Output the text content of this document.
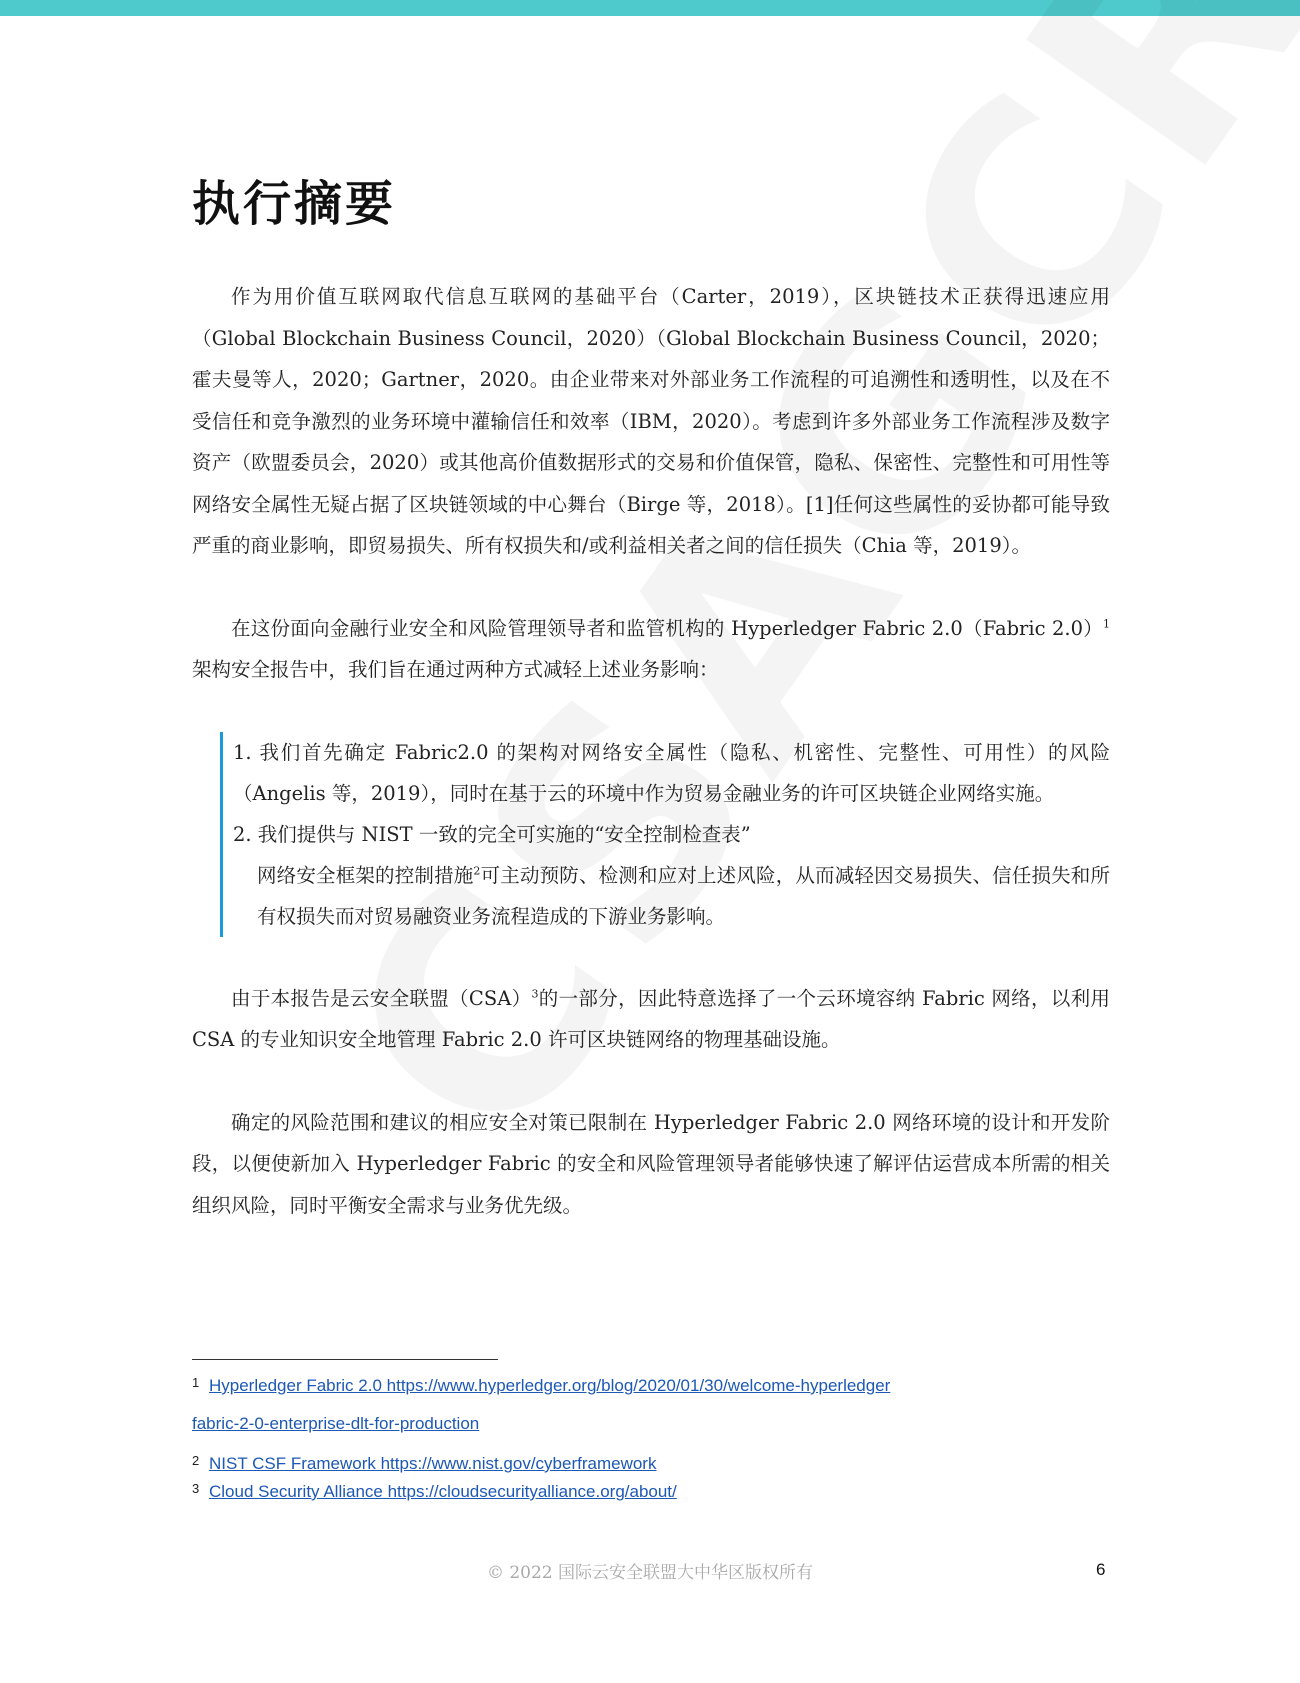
执行摘要

作为用价值互联网取代信息互联网的基础平台（Carter，2019），区块链技术正获得迅速应用（Global Blockchain Business Council，2020）（Global Blockchain Business Council，2020；霍夫曼等人，2020；Gartner，2020。由企业带来对外部业务工作流程的可追溯性和透明性，以及在不受信任和竞争激烈的业务环境中灌输信任和效率（IBM，2020）。考虑到许多外部业务工作流程涉及数字资产（欧盟委员会，2020）或其他高价值数据形式的交易和价值保管，隐私、保密性、完整性和可用性等网络安全属性无疑占据了区块链领域的中心舞台（Birge 等，2018）。[1]任何这些属性的妥协都可能导致严重的商业影响，即贸易损失、所有权损失和/或利益相关者之间的信任损失（Chia 等，2019）。

在这份面向金融行业安全和风险管理领导者和监管机构的 Hyperledger Fabric 2.0（Fabric 2.0）$^1$架构安全报告中，我们旨在通过两种方式减轻上述业务影响：

1. 我们首先确定 Fabric2.0 的架构对网络安全属性（隐私、机密性、完整性、可用性）的风险（Angelis 等，2019），同时在基于云的环境中作为贸易金融业务的许可区块链企业网络实施。
2. 我们提供与 NIST 一致的完全可实施的“安全控制检查表”
网络安全框架的控制措施$^2$可主动预防、检测和应对上述风险，从而减轻因交易损失、信任损失和所有权损失而对贸易融资业务流程造成的下游业务影响。

由于本报告是云安全联盟（CSA）$^3$的一部分，因此特意选择了一个云环境容纳 Fabric 网络，以利用 CSA 的专业知识安全地管理 Fabric 2.0 许可区块链网络的物理基础设施。

确定的风险范围和建议的相应安全对策已限制在 Hyperledger Fabric 2.0 网络环境的设计和开发阶段，以便使新加入 Hyperledger Fabric 的安全和风险管理领导者能够快速了解评估运营成本所需的相关组织风险，同时平衡安全需求与业务优先级。

1 Hyperledger Fabric 2.0 https://www.hyperledger.org/blog/2020/01/30/welcome-hyperledger
fabric-2-0-enterprise-dlt-for-production
2 NIST CSF Framework https://www.nist.gov/cyberframework
3 Cloud Security Alliance https://cloudsecurityalliance.org/about/
© 2022 国际云安全联盟大中华区版权所有	6
